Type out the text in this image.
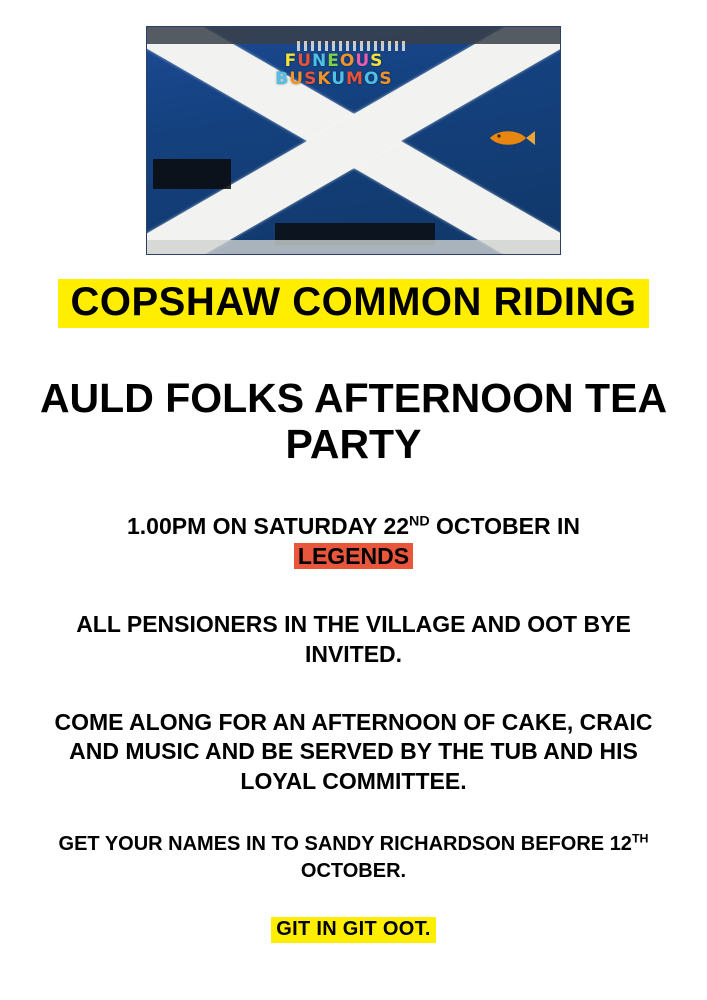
FUNEOUS
BUSKUMOS
COPSHAW COMMON RIDING
AULD FOLKS AFTERNOON TEA PARTY
1.00PM ON SATURDAY 22ND OCTOBER IN
LEGENDS
ALL PENSIONERS IN THE VILLAGE AND OOT BYE INVITED.
COME ALONG FOR AN AFTERNOON OF CAKE, CRAIC AND MUSIC AND BE SERVED BY THE TUB AND HIS LOYAL COMMITTEE.
GET YOUR NAMES IN TO SANDY RICHARDSON BEFORE 12TH OCTOBER.
GIT IN GIT OOT.
